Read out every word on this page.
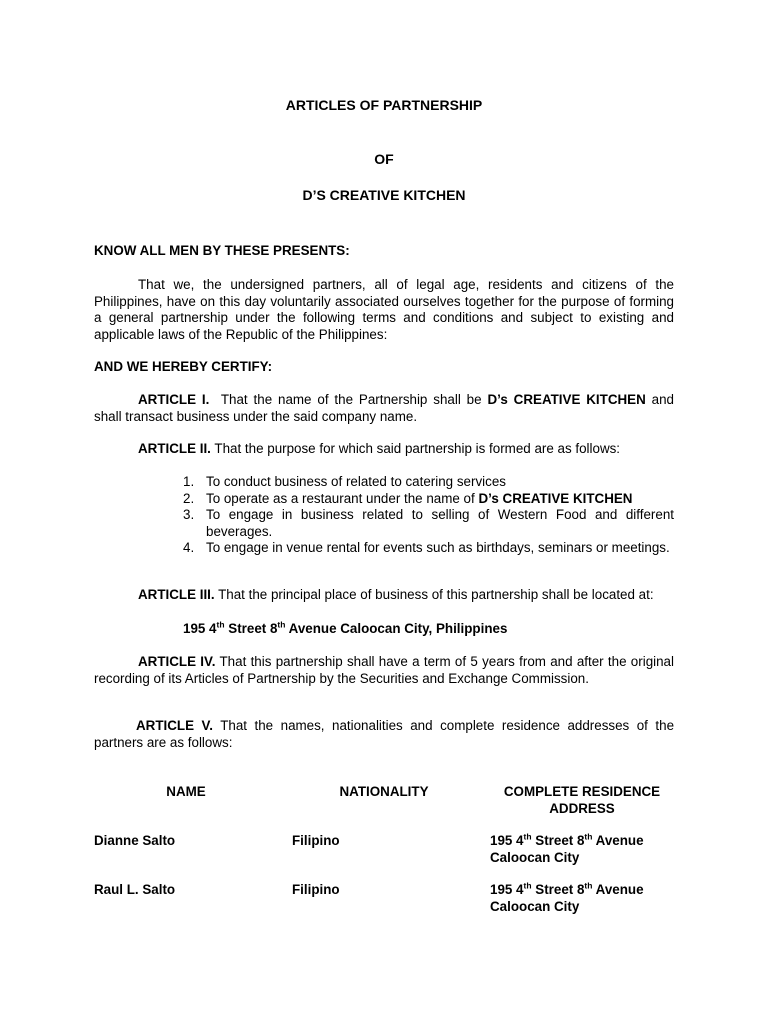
ARTICLES OF PARTNERSHIP
OF
D’S CREATIVE KITCHEN
KNOW ALL MEN BY THESE PRESENTS:
That we, the undersigned partners, all of legal age, residents and citizens of the Philippines, have on this day voluntarily associated ourselves together for the purpose of forming a general partnership under the following terms and conditions and subject to existing and applicable laws of the Republic of the Philippines:
AND WE HEREBY CERTIFY:
ARTICLE I. That the name of the Partnership shall be D’s CREATIVE KITCHEN and shall transact business under the said company name.
ARTICLE II. That the purpose for which said partnership is formed are as follows:
1. To conduct business of related to catering services
2. To operate as a restaurant under the name of D’s CREATIVE KITCHEN
3. To engage in business related to selling of Western Food and different beverages.
4. To engage in venue rental for events such as birthdays, seminars or meetings.
ARTICLE III. That the principal place of business of this partnership shall be located at:
195 4th Street 8th Avenue Caloocan City, Philippines
ARTICLE IV. That this partnership shall have a term of 5 years from and after the original recording of its Articles of Partnership by the Securities and Exchange Commission.
ARTICLE V. That the names, nationalities and complete residence addresses of the partners are as follows:
NAME	NATIONALITY	COMPLETE RESIDENCE
ADDRESS
Dianne Salto	Filipino	195 4th Street 8th Avenue
Caloocan City
Raul L. Salto	Filipino	195 4th Street 8th Avenue
Caloocan City
